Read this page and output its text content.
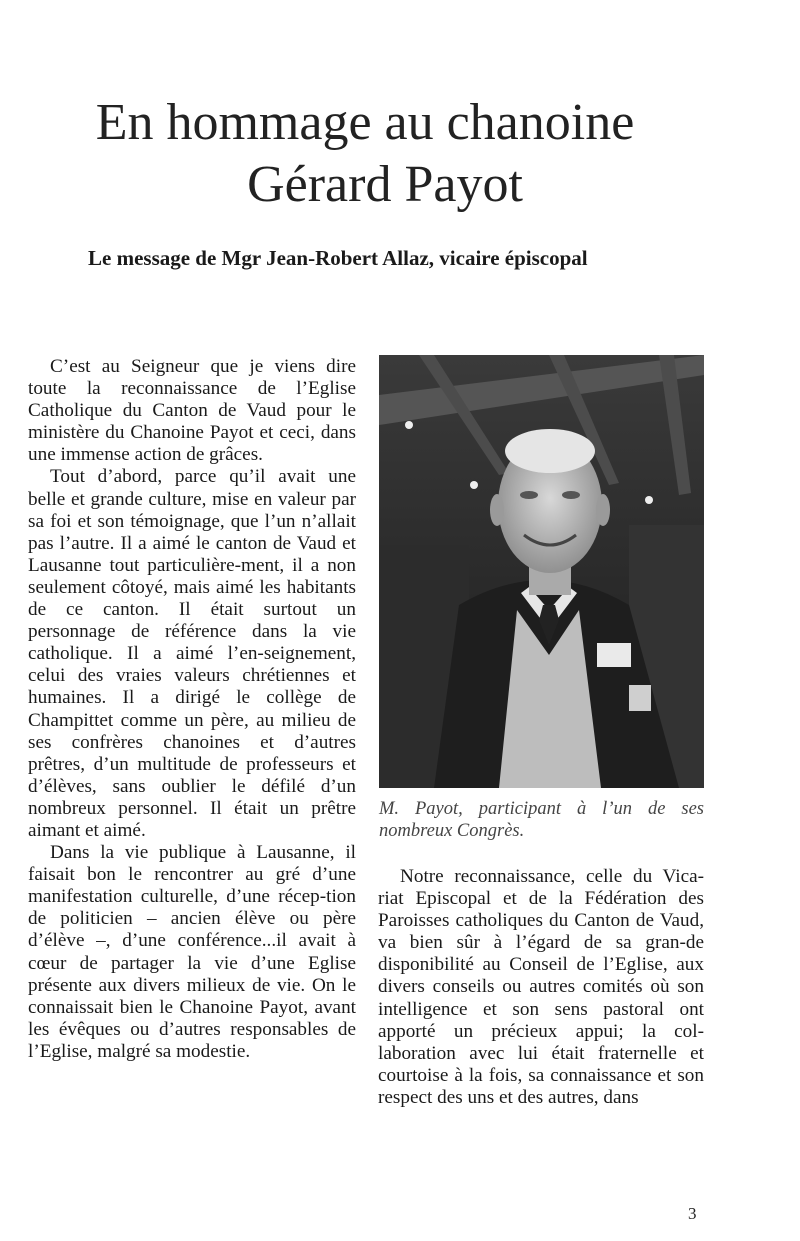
En hommage au chanoine
Gérard Payot
Le message de Mgr Jean-Robert Allaz, vicaire épiscopal

C’est au Seigneur que je viens dire toute la reconnaissance de l’Eglise Catholique du Canton de Vaud pour le ministère du Chanoine Payot et ceci, dans une immense action de grâces.

Tout d’abord, parce qu’il avait une belle et grande culture, mise en valeur par sa foi et son témoignage, que l’un n’allait pas l’autre. Il a aimé le canton de Vaud et Lausanne tout particulière-ment, il a non seulement côtoyé, mais aimé les habitants de ce canton. Il était surtout un personnage de référence dans la vie catholique. Il a aimé l’en-seignement, celui des vraies valeurs chrétiennes et humaines. Il a dirigé le collège de Champittet comme un père, au milieu de ses confrères chanoines et d’autres prêtres, d’un multitude de professeurs et d’élèves, sans oublier le défilé d’un nombreux personnel. Il était un prêtre aimant et aimé.

Dans la vie publique à Lausanne, il faisait bon le rencontrer au gré d’une manifestation culturelle, d’une récep-tion de politicien – ancien élève ou père d’élève –, d’une conférence...il avait à cœur de partager la vie d’une Eglise présente aux divers milieux de vie. On le connaissait bien le Chanoine Payot, avant les évêques ou d’autres responsables de l’Eglise, malgré sa modestie.

M. Payot, participant à l’un de ses nombreux Congrès.

Notre reconnaissance, celle du Vica-riat Episcopal et de la Fédération des Paroisses catholiques du Canton de Vaud, va bien sûr à l’égard de sa gran-de disponibilité au Conseil de l’Eglise, aux divers conseils ou autres comités où son intelligence et son sens pastoral ont apporté un précieux appui; la col-laboration avec lui était fraternelle et courtoise à la fois, sa connaissance et son respect des uns et des autres, dans

3
